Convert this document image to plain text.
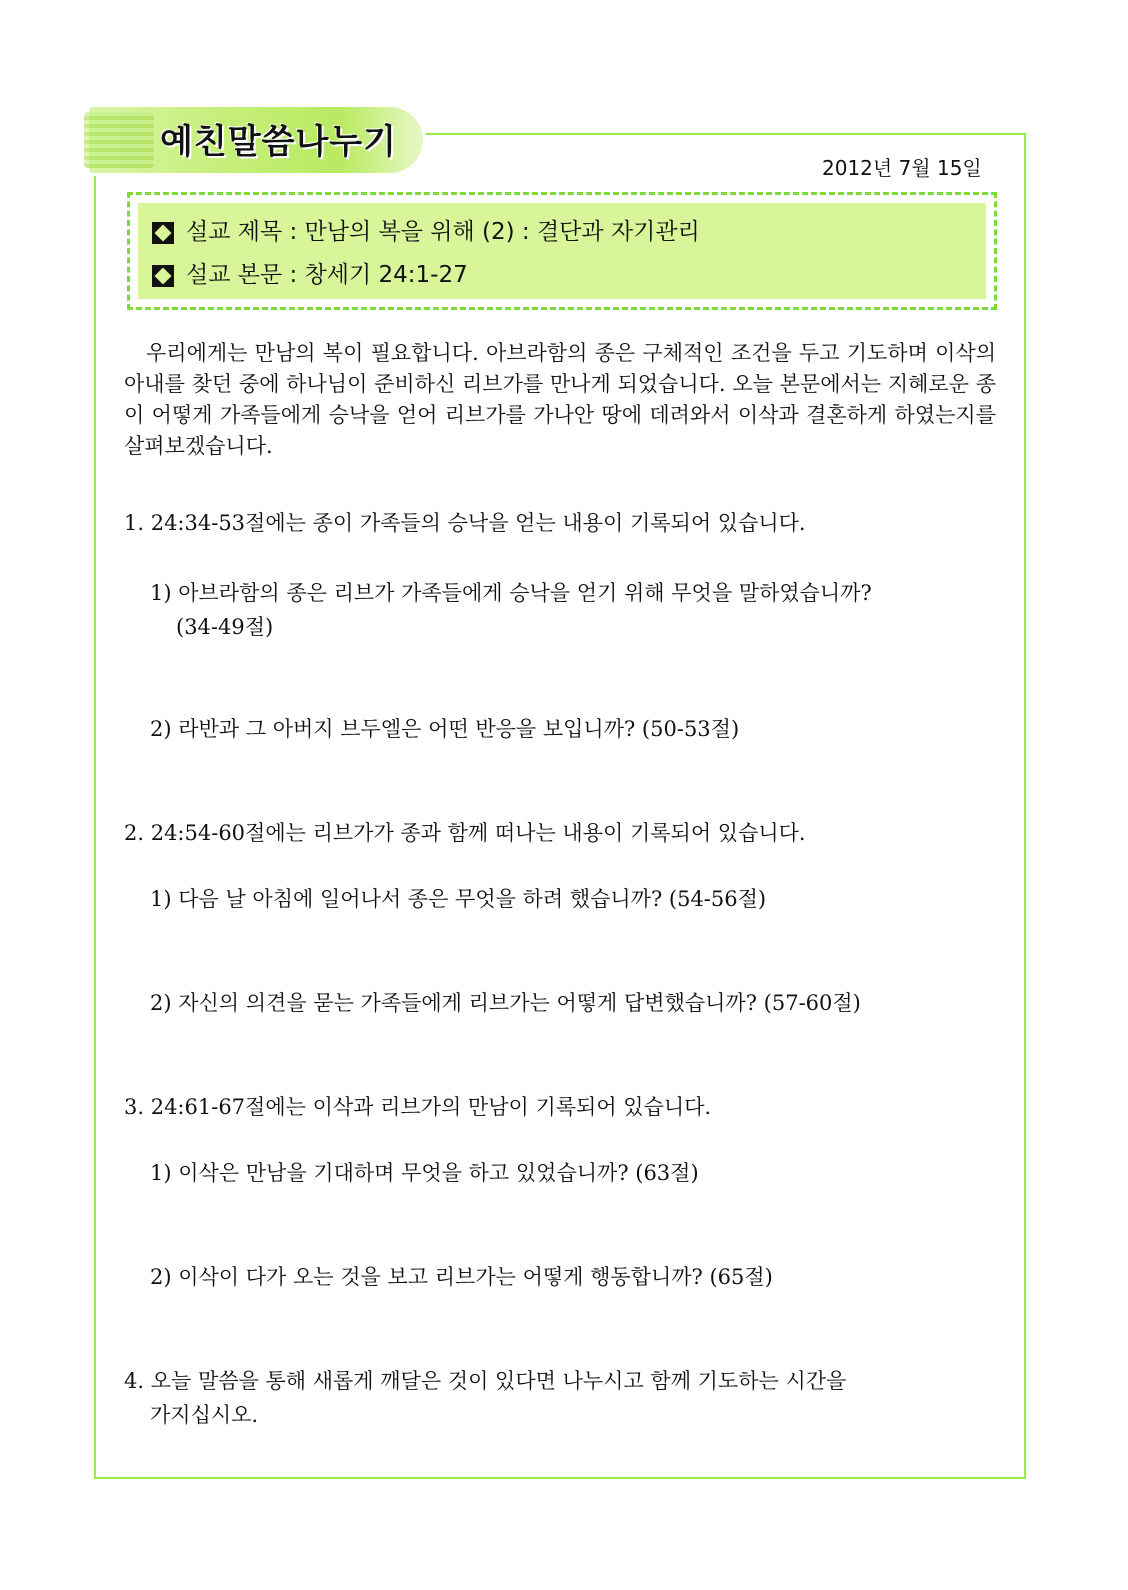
예친말씀나누기
2012년 7월 15일
설교 제목 : 만남의 복을 위해 (2) : 결단과 자기관리
설교 본문 : 창세기 24:1-27

우리에게는 만남의 복이 필요합니다. 아브라함의 종은 구체적인 조건을 두고 기도하며 이삭의 아내를 찾던 중에 하나님이 준비하신 리브가를 만나게 되었습니다. 오늘 본문에서는 지혜로운 종이 어떻게 가족들에게 승낙을 얻어 리브가를 가나안 땅에 데려와서 이삭과 결혼하게 하였는지를 살펴보겠습니다.

1. 24:34-53절에는 종이 가족들의 승낙을 얻는 내용이 기록되어 있습니다.
1) 아브라함의 종은 리브가 가족들에게 승낙을 얻기 위해 무엇을 말하였습니까?
(34-49절)
2) 라반과 그 아버지 브두엘은 어떤 반응을 보입니까? (50-53절)
2. 24:54-60절에는 리브가가 종과 함께 떠나는 내용이 기록되어 있습니다.
1) 다음 날 아침에 일어나서 종은 무엇을 하려 했습니까? (54-56절)
2) 자신의 의견을 묻는 가족들에게 리브가는 어떻게 답변했습니까? (57-60절)
3. 24:61-67절에는 이삭과 리브가의 만남이 기록되어 있습니다.
1) 이삭은 만남을 기대하며 무엇을 하고 있었습니까? (63절)
2) 이삭이 다가 오는 것을 보고 리브가는 어떻게 행동합니까? (65절)
4. 오늘 말씀을 통해 새롭게 깨달은 것이 있다면 나누시고 함께 기도하는 시간을
가지십시오.
